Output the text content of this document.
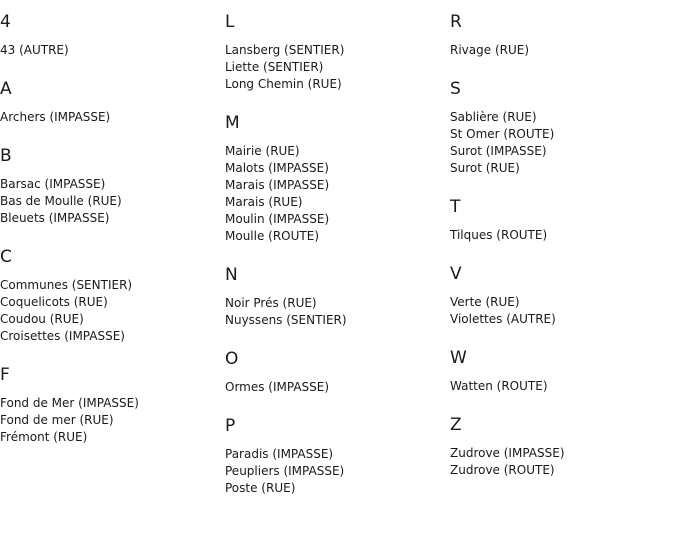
4
43 (AUTRE)
A
Archers (IMPASSE)
B
Barsac (IMPASSE)
Bas de Moulle (RUE)
Bleuets (IMPASSE)
C
Communes (SENTIER)
Coquelicots (RUE)
Coudou (RUE)
Croisettes (IMPASSE)
F
Fond de Mer (IMPASSE)
Fond de mer (RUE)
Frémont (RUE)
L
Lansberg (SENTIER)
Liette (SENTIER)
Long Chemin (RUE)
M
Mairie (RUE)
Malots (IMPASSE)
Marais (IMPASSE)
Marais (RUE)
Moulin (IMPASSE)
Moulle (ROUTE)
N
Noir Prés (RUE)
Nuyssens (SENTIER)
O
Ormes (IMPASSE)
P
Paradis (IMPASSE)
Peupliers (IMPASSE)
Poste (RUE)
R
Rivage (RUE)
S
Sablière (RUE)
St Omer (ROUTE)
Surot (IMPASSE)
Surot (RUE)
T
Tilques (ROUTE)
V
Verte (RUE)
Violettes (AUTRE)
W
Watten (ROUTE)
Z
Zudrove (IMPASSE)
Zudrove (ROUTE)
